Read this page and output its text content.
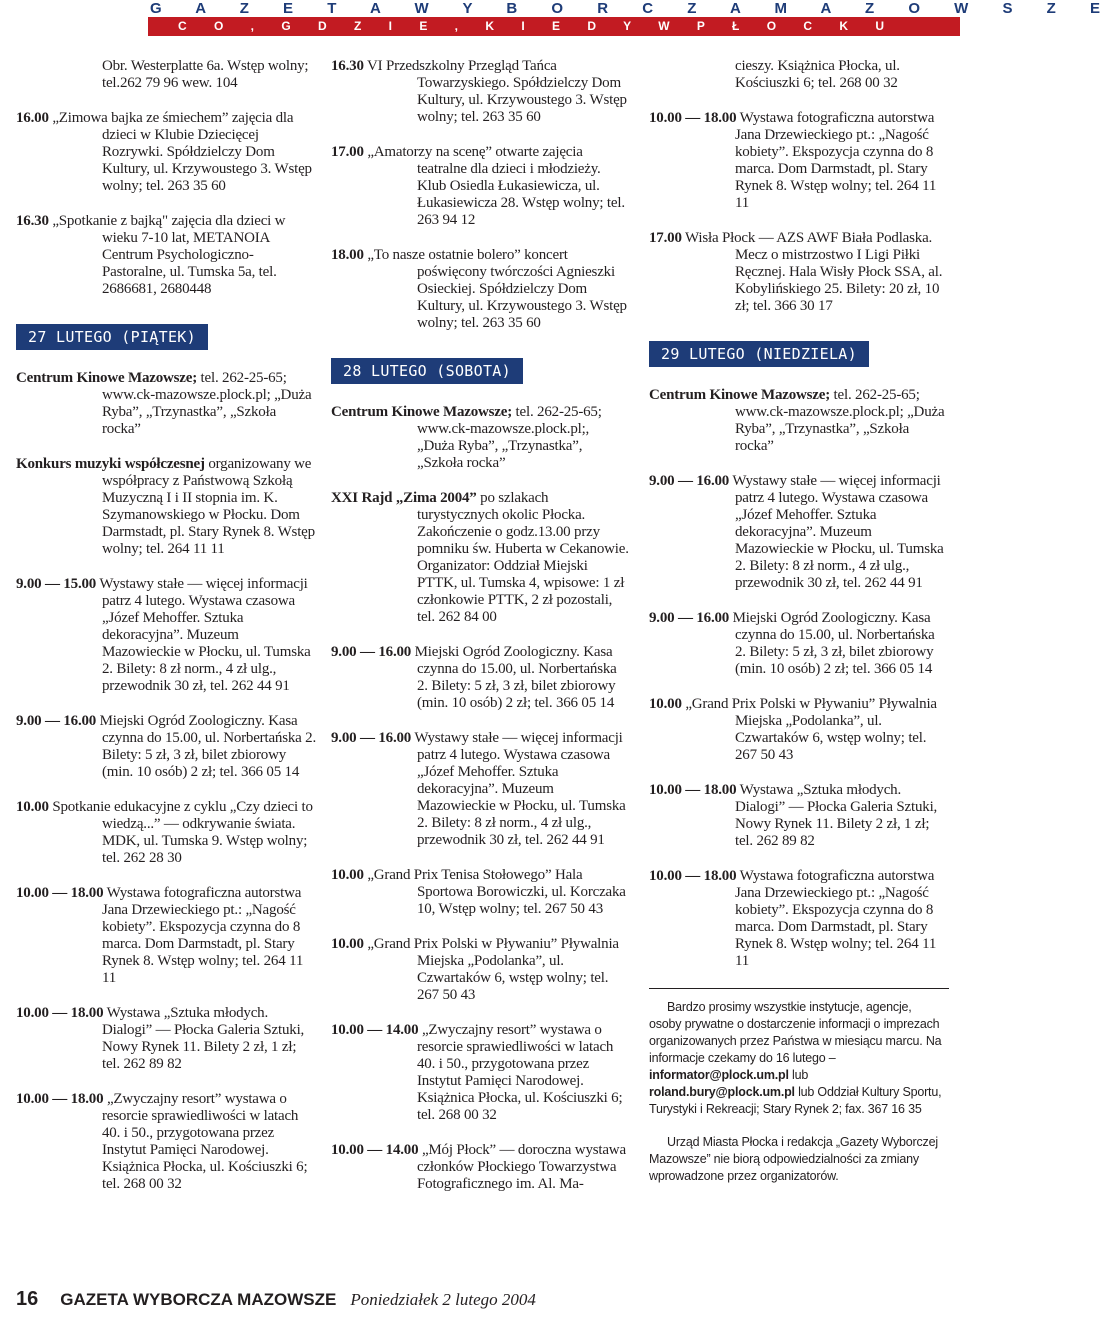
G A Z E T A W Y B O R C Z A M A Z O W S Z E
C O , G D Z I E , K I E D Y W P Ł O C K U
Obr. Westerplatte 6a. Wstęp wolny; tel.262 79 96 wew. 104
16.00 „Zimowa bajka ze śmiechem” zajęcia dla dzieci w Klubie Dziecięcej Rozrywki. Spółdzielczy Dom Kultury, ul. Krzywoustego 3. Wstęp wolny; tel. 263 35 60
16.30 „Spotkanie z bajką" zajęcia dla dzieci w wieku 7-10 lat, METANOIA Centrum Psychologiczno-Pastoralne, ul. Tumska 5a, tel. 2686681, 2680448
27 LUTEGO (PIĄTEK)
Centrum Kinowe Mazowsze; tel. 262-25-65; www.ck-mazowsze.plock.pl; „Duża Ryba”, „Trzynastka”, „Szkoła rocka”
Konkurs muzyki współczesnej organizowany we współpracy z Państwową Szkołą Muzyczną I i II stopnia im. K. Szymanowskiego w Płocku. Dom Darmstadt, pl. Stary Rynek 8. Wstęp wolny; tel. 264 11 11
9.00 — 15.00 Wystawy stałe — więcej informacji patrz 4 lutego. Wystawa czasowa „Józef Mehoffer. Sztuka dekoracyjna”. Muzeum Mazowieckie w Płocku, ul. Tumska 2. Bilety: 8 zł norm., 4 zł ulg., przewodnik 30 zł, tel. 262 44 91
9.00 — 16.00 Miejski Ogród Zoologiczny. Kasa czynna do 15.00, ul. Norbertańska 2. Bilety: 5 zł, 3 zł, bilet zbiorowy (min. 10 osób) 2 zł; tel. 366 05 14
10.00 Spotkanie edukacyjne z cyklu „Czy dzieci to wiedzą...” — odkrywanie świata. MDK, ul. Tumska 9. Wstęp wolny; tel. 262 28 30
10.00 — 18.00 Wystawa fotograficzna autorstwa Jana Drzewieckiego pt.: „Nagość kobiety”. Ekspozycja czynna do 8 marca. Dom Darmstadt, pl. Stary Rynek 8. Wstęp wolny; tel. 264 11 11
10.00 — 18.00 Wystawa „Sztuka młodych. Dialogi” — Płocka Galeria Sztuki, Nowy Rynek 11. Bilety 2 zł, 1 zł; tel. 262 89 82
10.00 — 18.00 „Zwyczajny resort” wystawa o resorcie sprawiedliwości w latach 40. i 50., przygotowana przez Instytut Pamięci Narodowej. Książnica Płocka, ul. Kościuszki 6; tel. 268 00 32
16.30 VI Przedszkolny Przegląd Tańca Towarzyskiego. Spółdzielczy Dom Kultury, ul. Krzywoustego 3. Wstęp wolny; tel. 263 35 60
17.00 „Amatorzy na scenę” otwarte zajęcia teatralne dla dzieci i młodzieży. Klub Osiedla Łukasiewicza, ul. Łukasiewicza 28. Wstęp wolny; tel. 263 94 12
18.00 „To nasze ostatnie bolero” koncert poświęcony twórczości Agnieszki Osieckiej. Spółdzielczy Dom Kultury, ul. Krzywoustego 3. Wstęp wolny; tel. 263 35 60
28 LUTEGO (SOBOTA)
Centrum Kinowe Mazowsze; tel. 262-25-65; www.ck-mazowsze.plock.pl;, „Duża Ryba”, „Trzynastka”, „Szkoła rocka”
XXI Rajd „Zima 2004” po szlakach turystycznych okolic Płocka. Zakończenie o godz.13.00 przy pomniku św. Huberta w Cekanowie. Organizator: Oddział Miejski PTTK, ul. Tumska 4, wpisowe: 1 zł członkowie PTTK, 2 zł pozostali, tel. 262 84 00
9.00 — 16.00 Miejski Ogród Zoologiczny. Kasa czynna do 15.00, ul. Norbertańska 2. Bilety: 5 zł, 3 zł, bilet zbiorowy (min. 10 osób) 2 zł; tel. 366 05 14
9.00 — 16.00 Wystawy stałe — więcej informacji patrz 4 lutego. Wystawa czasowa „Józef Mehoffer. Sztuka dekoracyjna”. Muzeum Mazowieckie w Płocku, ul. Tumska 2. Bilety: 8 zł norm., 4 zł ulg., przewodnik 30 zł, tel. 262 44 91
10.00 „Grand Prix Tenisa Stołowego” Hala Sportowa Borowiczki, ul. Korczaka 10, Wstęp wolny; tel. 267 50 43
10.00 „Grand Prix Polski w Pływaniu” Pływalnia Miejska „Podolanka”, ul. Czwartaków 6, wstęp wolny; tel. 267 50 43
10.00 — 14.00 „Zwyczajny resort” wystawa o resorcie sprawiedliwości w latach 40. i 50., przygotowana przez Instytut Pamięci Narodowej. Książnica Płocka, ul. Kościuszki 6; tel. 268 00 32
10.00 — 14.00 „Mój Płock” — doroczna wystawa członków Płockiego Towarzystwa Fotograficznego im. Al. Ma-
cieszy. Książnica Płocka, ul. Kościuszki 6; tel. 268 00 32
10.00 — 18.00 Wystawa fotograficzna autorstwa Jana Drzewieckiego pt.: „Nagość kobiety”. Ekspozycja czynna do 8 marca. Dom Darmstadt, pl. Stary Rynek 8. Wstęp wolny; tel. 264 11 11
17.00 Wisła Płock — AZS AWF Biała Podlaska. Mecz o mistrzostwo I Ligi Piłki Ręcznej. Hala Wisły Płock SSA, al. Kobylińskiego 25. Bilety: 20 zł, 10 zł; tel. 366 30 17
29 LUTEGO (NIEDZIELA)
Centrum Kinowe Mazowsze; tel. 262-25-65; www.ck-mazowsze.plock.pl; „Duża Ryba”, „Trzynastka”, „Szkoła rocka”
9.00 — 16.00 Wystawy stałe — więcej informacji patrz 4 lutego. Wystawa czasowa „Józef Mehoffer. Sztuka dekoracyjna”. Muzeum Mazowieckie w Płocku, ul. Tumska 2. Bilety: 8 zł norm., 4 zł ulg., przewodnik 30 zł, tel. 262 44 91
9.00 — 16.00 Miejski Ogród Zoologiczny. Kasa czynna do 15.00, ul. Norbertańska 2. Bilety: 5 zł, 3 zł, bilet zbiorowy (min. 10 osób) 2 zł; tel. 366 05 14
10.00 „Grand Prix Polski w Pływaniu” Pływalnia Miejska „Podolanka”, ul. Czwartaków 6, wstęp wolny; tel. 267 50 43
10.00 — 18.00 Wystawa „Sztuka młodych. Dialogi” — Płocka Galeria Sztuki, Nowy Rynek 11. Bilety 2 zł, 1 zł; tel. 262 89 82
10.00 — 18.00 Wystawa fotograficzna autorstwa Jana Drzewieckiego pt.: „Nagość kobiety”. Ekspozycja czynna do 8 marca. Dom Darmstadt, pl. Stary Rynek 8. Wstęp wolny; tel. 264 11 11

Bardzo prosimy wszystkie instytucje, agencje, osoby prywatne o dostarczenie informacji o imprezach organizowanych przez Państwa w miesiącu marcu. Na informacje czekamy do 16 lutego – informator@plock.um.pl lub roland.bury@plock.um.pl lub Oddział Kultury Sportu, Turystyki i Rekreacji; Stary Rynek 2; fax. 367 16 35

Urząd Miasta Płocka i redakcja „Gazety Wyborczej Mazowsze” nie biorą odpowiedzialności za zmiany wprowadzone przez organizatorów.

16 GAZETA WYBORCZA MAZOWSZE Poniedziałek 2 lutego 2004
